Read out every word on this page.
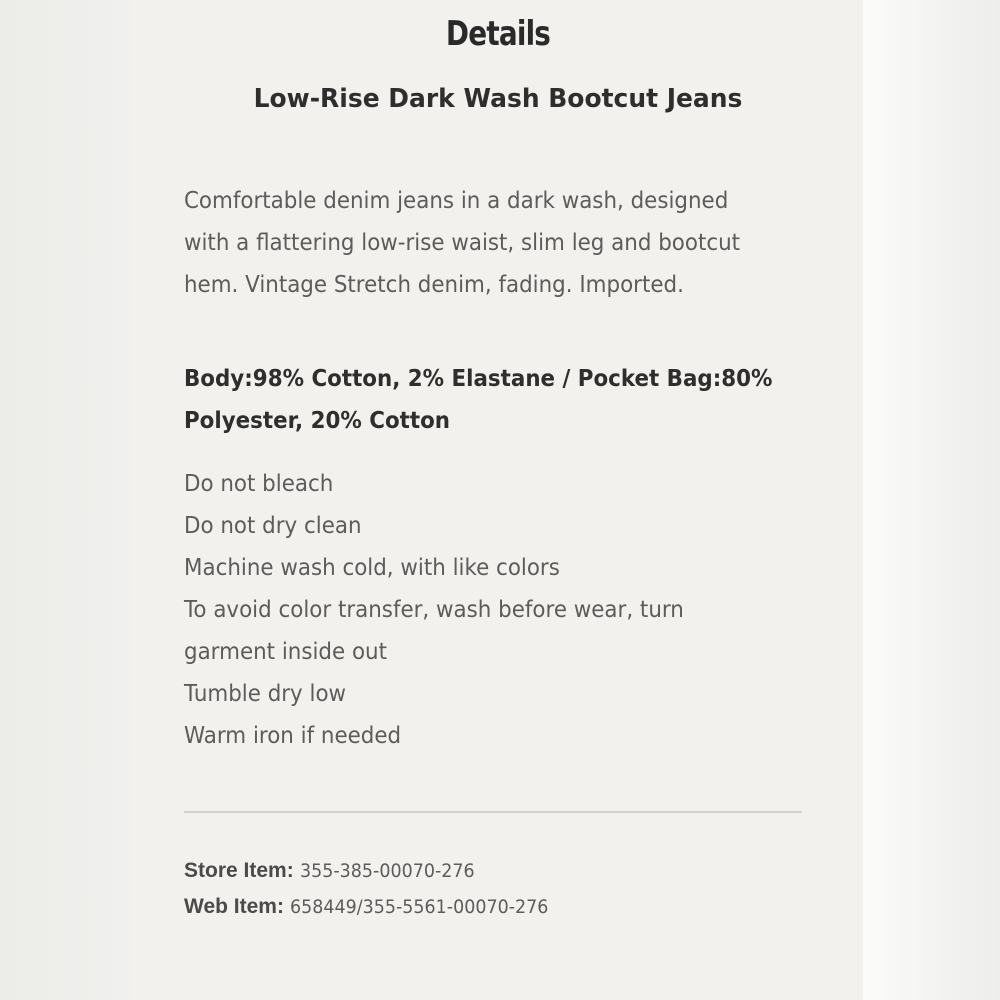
Details
Low-Rise Dark Wash Bootcut Jeans
Comfortable denim jeans in a dark wash, designed
with a flattering low-rise waist, slim leg and bootcut
hem. Vintage Stretch denim, fading. Imported.
Body:98% Cotton, 2% Elastane / Pocket Bag:80%
Polyester, 20% Cotton
Do not bleach
Do not dry clean
Machine wash cold, with like colors
To avoid color transfer, wash before wear, turn
garment inside out
Tumble dry low
Warm iron if needed
Store Item: 355-385-00070-276
Web Item: 658449/355-5561-00070-276
